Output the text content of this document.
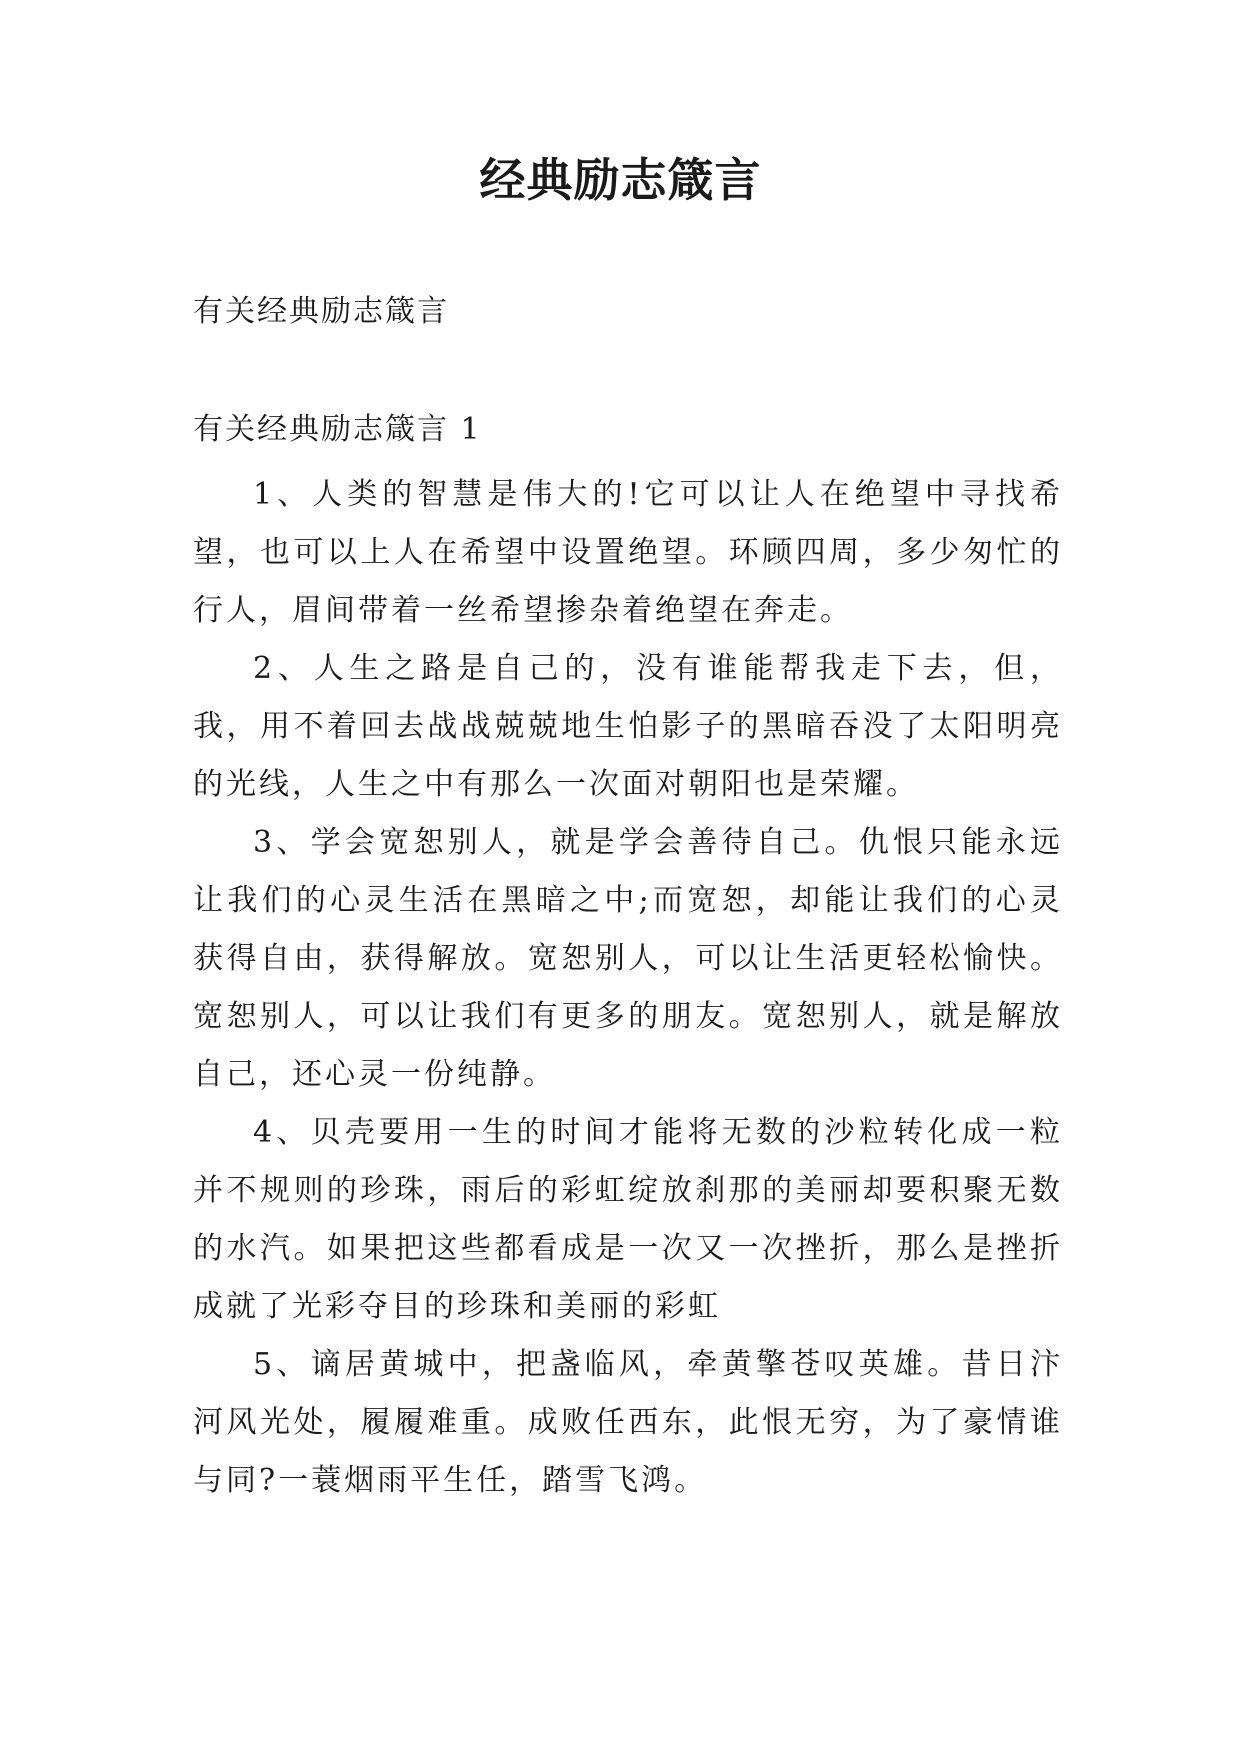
经典励志箴言
有关经典励志箴言
有关经典励志箴言 1

1、人类的智慧是伟大的!它可以让人在绝望中寻找希望，也可以上人在希望中设置绝望。环顾四周，多少匆忙的行人，眉间带着一丝希望掺杂着绝望在奔走。

2、人生之路是自己的，没有谁能帮我走下去，但，我，用不着回去战战兢兢地生怕影子的黑暗吞没了太阳明亮的光线，人生之中有那么一次面对朝阳也是荣耀。

3、学会宽恕别人，就是学会善待自己。仇恨只能永远让我们的心灵生活在黑暗之中;而宽恕，却能让我们的心灵获得自由，获得解放。宽恕别人，可以让生活更轻松愉快。宽恕别人，可以让我们有更多的朋友。宽恕别人，就是解放自己，还心灵一份纯静。

4、贝壳要用一生的时间才能将无数的沙粒转化成一粒并不规则的珍珠，雨后的彩虹绽放刹那的美丽却要积聚无数的水汽。如果把这些都看成是一次又一次挫折，那么是挫折成就了光彩夺目的珍珠和美丽的彩虹

5、谪居黄城中，把盏临风，牵黄擎苍叹英雄。昔日汴河风光处，履履难重。成败任西东，此恨无穷，为了豪情谁与同?一蓑烟雨平生任，踏雪飞鸿。
